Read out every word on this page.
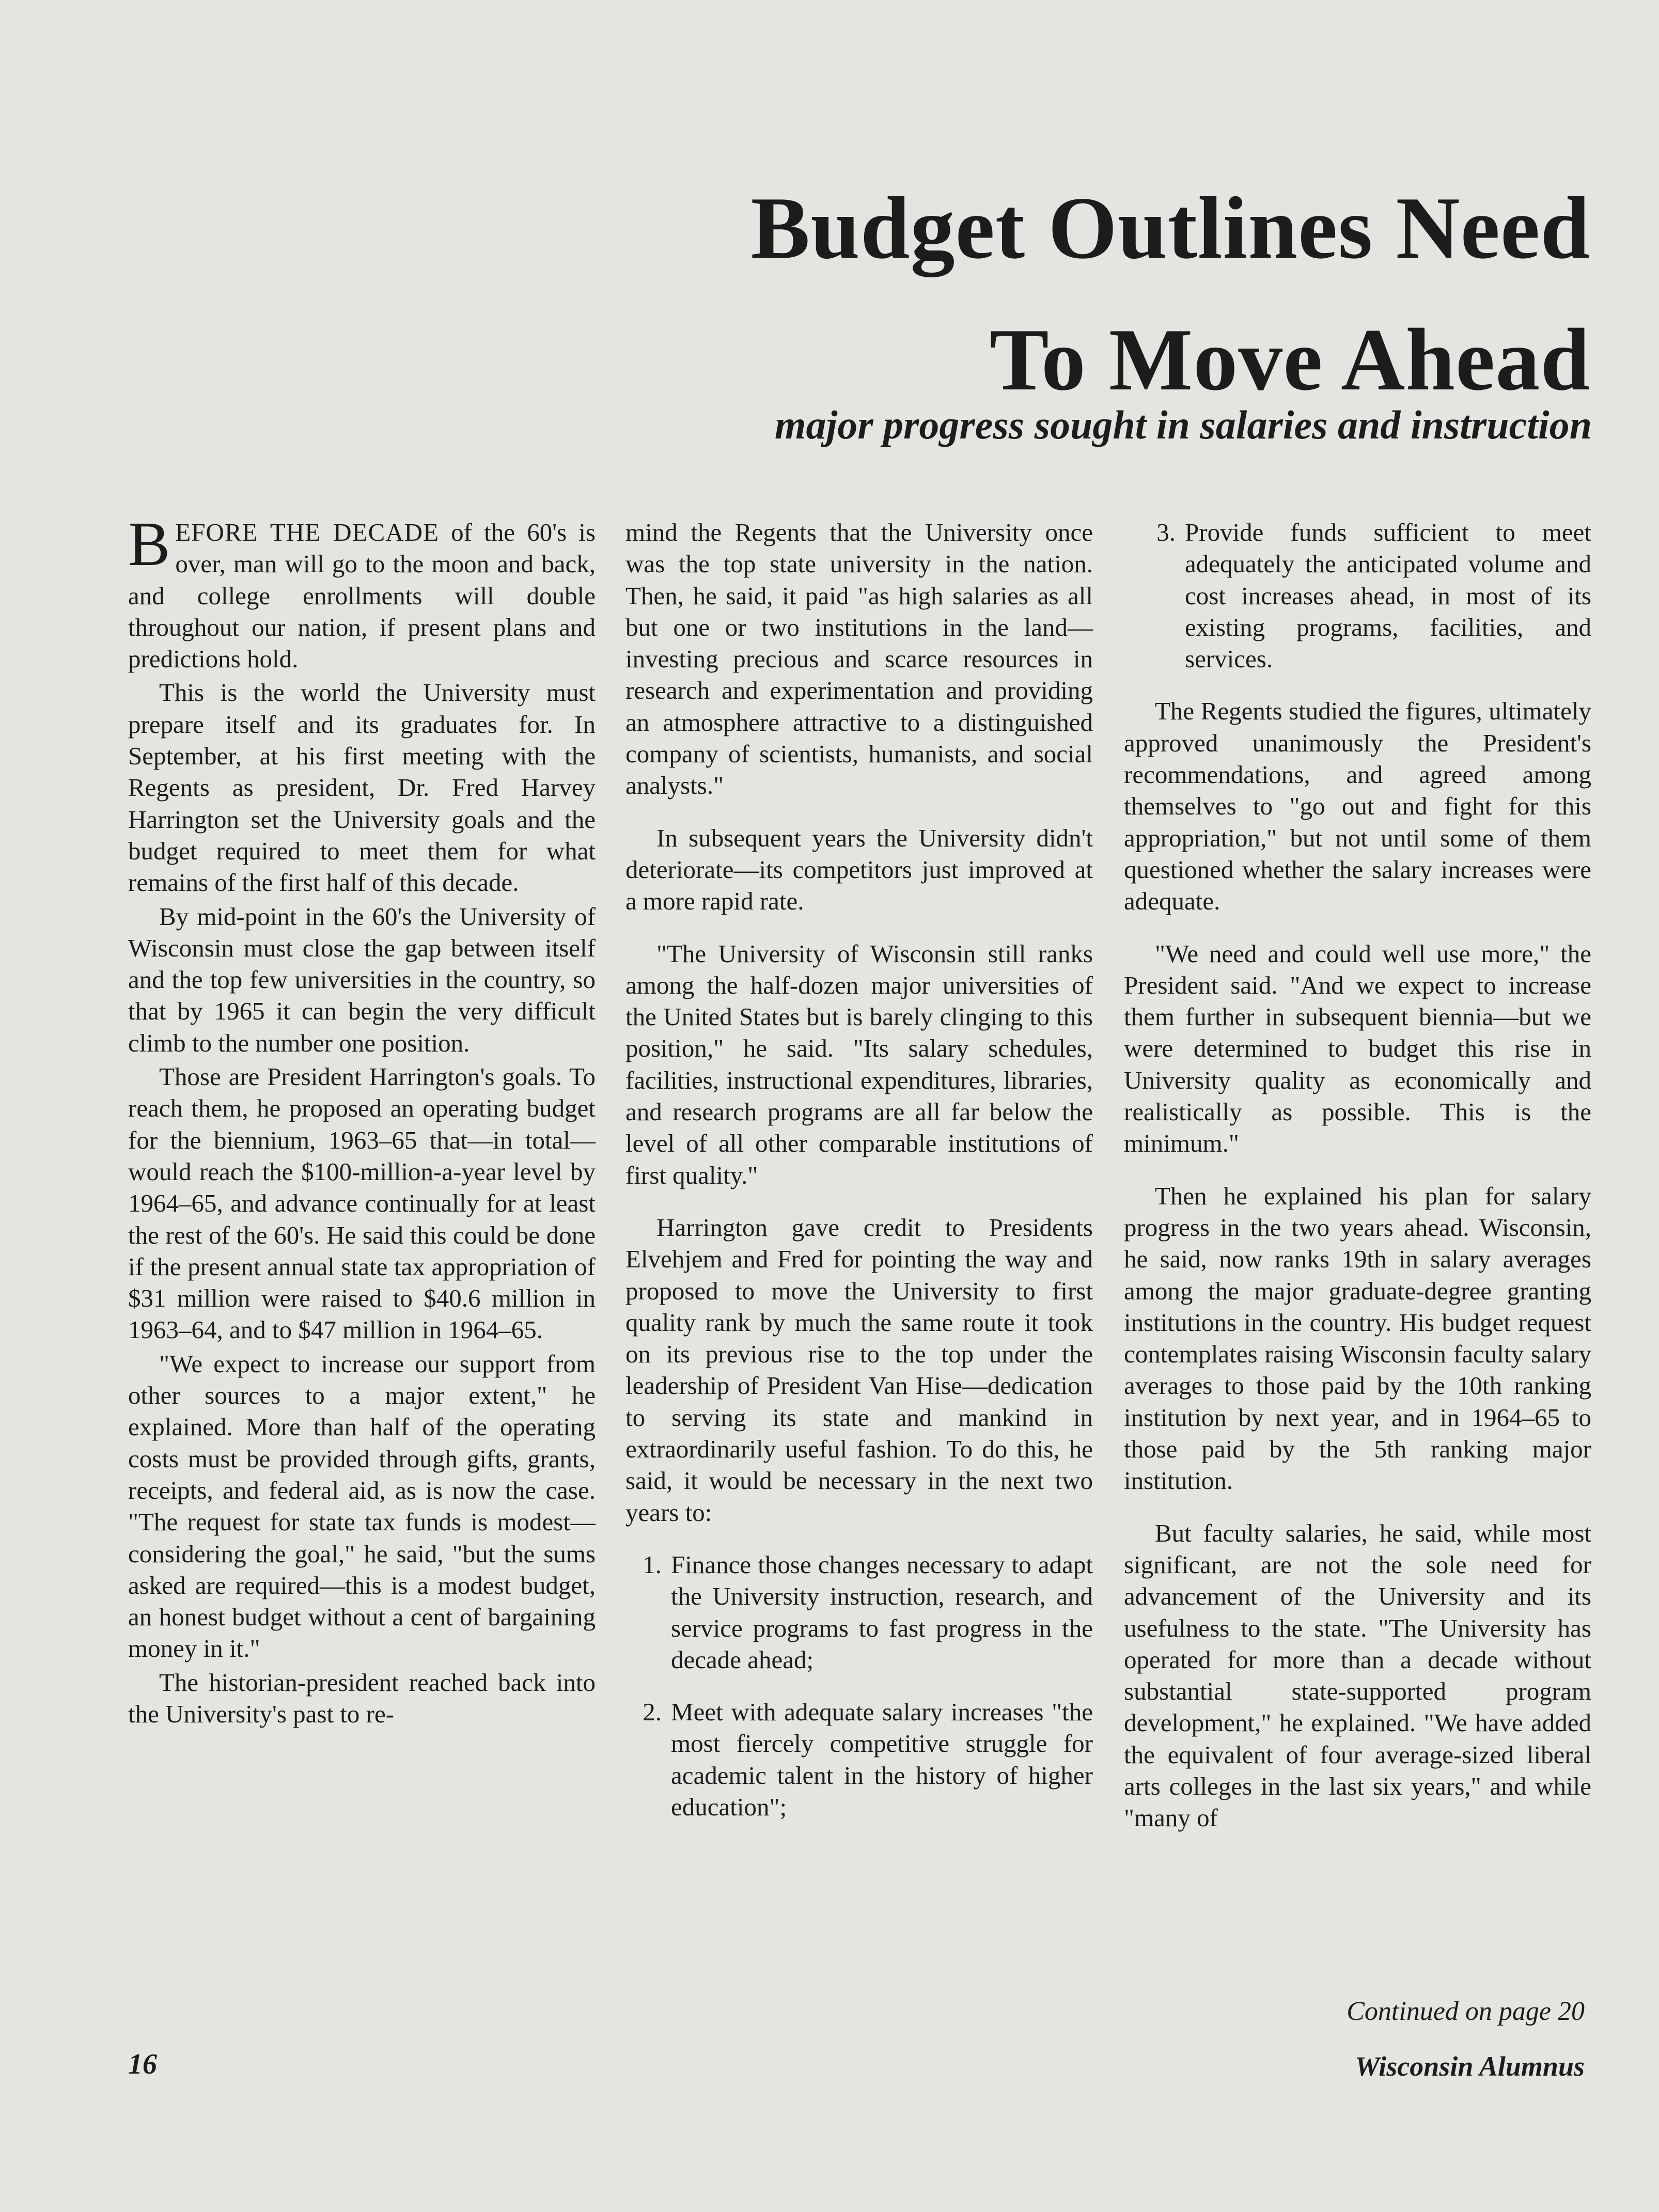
Budget Outlines Need
To Move Ahead

major progress sought in salaries and instruction

BEFORE THE DECADE of the 60's is over, man will go to the moon and back, and college enrollments will double throughout our nation, if present plans and predictions hold.

This is the world the University must prepare itself and its graduates for. In September, at his first meeting with the Regents as president, Dr. Fred Harvey Harrington set the University goals and the budget required to meet them for what remains of the first half of this decade.

By mid-point in the 60's the University of Wisconsin must close the gap between itself and the top few universities in the country, so that by 1965 it can begin the very difficult climb to the number one position.

Those are President Harrington's goals. To reach them, he proposed an operating budget for the biennium, 1963–65 that—in total—would reach the $100-million-a-year level by 1964–65, and advance continually for at least the rest of the 60's. He said this could be done if the present annual state tax appropriation of $31 million were raised to $40.6 million in 1963–64, and to $47 million in 1964–65.

"We expect to increase our support from other sources to a major extent," he explained. More than half of the operating costs must be provided through gifts, grants, receipts, and federal aid, as is now the case. "The request for state tax funds is modest—considering the goal," he said, "but the sums asked are required—this is a modest budget, an honest budget without a cent of bargaining money in it."

The historian-president reached back into the University's past to re-

mind the Regents that the University once was the top state university in the nation. Then, he said, it paid "as high salaries as all but one or two institutions in the land—investing precious and scarce resources in research and experimentation and providing an atmosphere attractive to a distinguished company of scientists, humanists, and social analysts."

In subsequent years the University didn't deteriorate—its competitors just improved at a more rapid rate.

"The University of Wisconsin still ranks among the half-dozen major universities of the United States but is barely clinging to this position," he said. "Its salary schedules, facilities, instructional expenditures, libraries, and research programs are all far below the level of all other comparable institutions of first quality."

Harrington gave credit to Presidents Elvehjem and Fred for pointing the way and proposed to move the University to first quality rank by much the same route it took on its previous rise to the top under the leadership of President Van Hise—dedication to serving its state and mankind in extraordinarily useful fashion. To do this, he said, it would be necessary in the next two years to:

1. Finance those changes necessary to adapt the University instruction, research, and service programs to fast progress in the decade ahead;
2. Meet with adequate salary increases "the most fiercely competitive struggle for academic talent in the history of higher education";
3. Provide funds sufficient to meet adequately the anticipated volume and cost increases ahead, in most of its existing programs, facilities, and services.

The Regents studied the figures, ultimately approved unanimously the President's recommendations, and agreed among themselves to "go out and fight for this appropriation," but not until some of them questioned whether the salary increases were adequate.

"We need and could well use more," the President said. "And we expect to increase them further in subsequent biennia—but we were determined to budget this rise in University quality as economically and realistically as possible. This is the minimum."

Then he explained his plan for salary progress in the two years ahead. Wisconsin, he said, now ranks 19th in salary averages among the major graduate-degree granting institutions in the country. His budget request contemplates raising Wisconsin faculty salary averages to those paid by the 10th ranking institution by next year, and in 1964–65 to those paid by the 5th ranking major institution.

But faculty salaries, he said, while most significant, are not the sole need for advancement of the University and its usefulness to the state. "The University has operated for more than a decade without substantial state-supported program development," he explained. "We have added the equivalent of four average-sized liberal arts colleges in the last six years," and while "many of

Continued on page 20

16	Wisconsin Alumnus
